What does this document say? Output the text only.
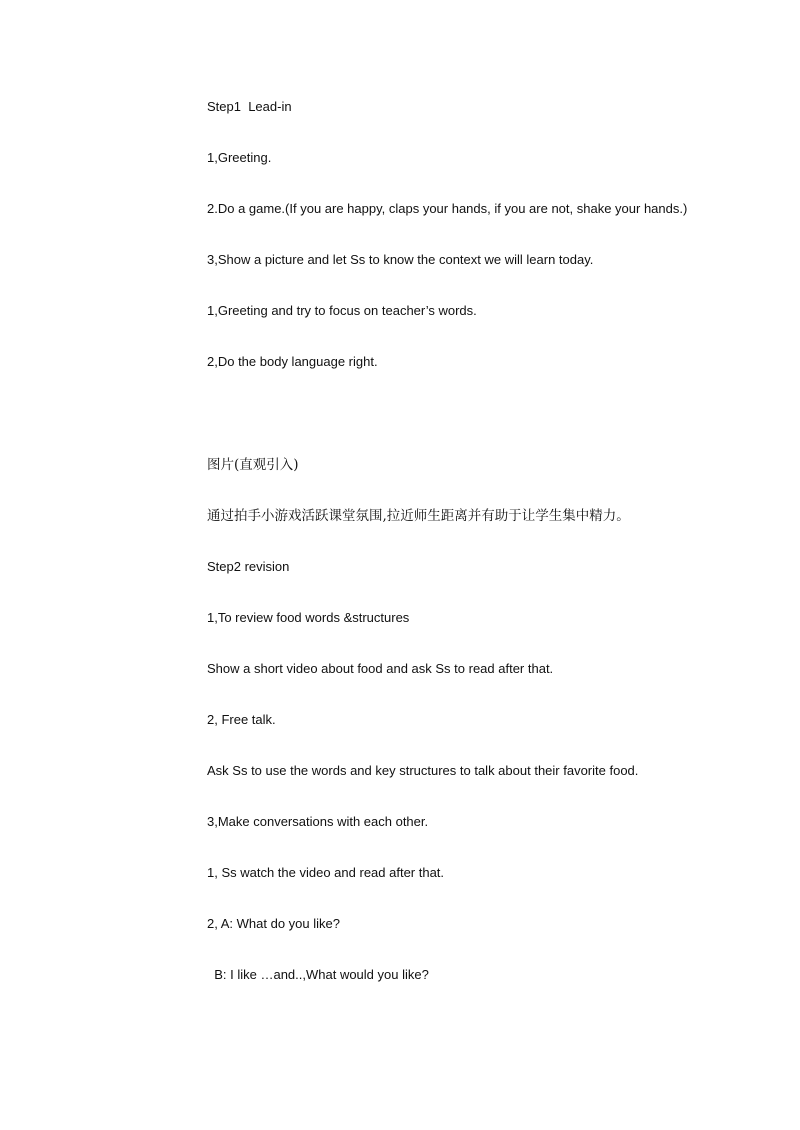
Step1  Lead-in
1,Greeting.
2.Do a game.(If you are happy, claps your hands, if you are not, shake your hands.)
3,Show a picture and let Ss to know the context we will learn today.
1,Greeting and try to focus on teacher’s words.
2,Do the body language right.
图片(直观引入)
通过拍手小游戏活跃课堂氛围,拉近师生距离并有助于让学生集中精力。
Step2 revision
1,To review food words &structures
Show a short video about food and ask Ss to read after that.
2, Free talk.
Ask Ss to use the words and key structures to talk about their favorite food.
3,Make conversations with each other.
1, Ss watch the video and read after that.
2, A: What do you like?
B: I like …and..,What would you like?
